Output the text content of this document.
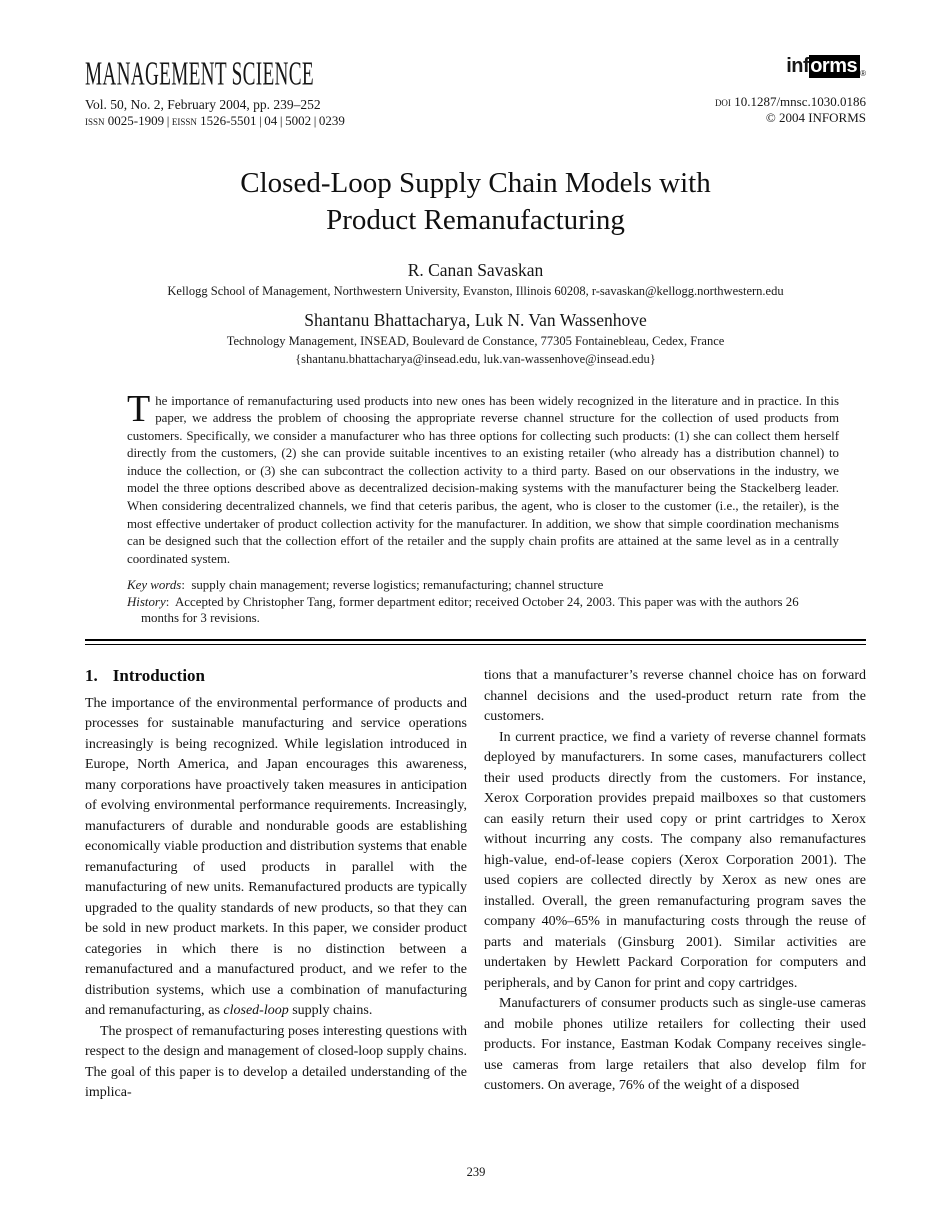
MANAGEMENT SCIENCE
Vol. 50, No. 2, February 2004, pp. 239–252
issn 0025-1909 | eissn 1526-5501 | 04 | 5002 | 0239
informs $_®$
doi 10.1287/mnsc.1030.0186
© 2004 INFORMS
Closed-Loop Supply Chain Models with
Product Remanufacturing
R. Canan Savaskan
Kellogg School of Management, Northwestern University, Evanston, Illinois 60208, r-savaskan@kellogg.northwestern.edu
Shantanu Bhattacharya, Luk N. Van Wassenhove
Technology Management, INSEAD, Boulevard de Constance, 77305 Fontainebleau, Cedex, France
{shantanu.bhattacharya@insead.edu, luk.van-wassenhove@insead.edu}
The importance of remanufacturing used products into new ones has been widely recognized in the literature and in practice. In this paper, we address the problem of choosing the appropriate reverse channel structure for the collection of used products from customers. Specifically, we consider a manufacturer who has three options for collecting such products: (1) she can collect them herself directly from the customers, (2) she can provide suitable incentives to an existing retailer (who already has a distribution channel) to induce the collection, or (3) she can subcontract the collection activity to a third party. Based on our observations in the industry, we model the three options described above as decentralized decision-making systems with the manufacturer being the Stackelberg leader. When considering decentralized channels, we find that ceteris paribus, the agent, who is closer to the customer (i.e., the retailer), is the most effective undertaker of product collection activity for the manufacturer. In addition, we show that simple coordination mechanisms can be designed such that the collection effort of the retailer and the supply chain profits are attained at the same level as in a centrally coordinated system.

Key words:  supply chain management; reverse logistics; remanufacturing; channel structure

History:  Accepted by Christopher Tang, former department editor; received October 24, 2003. This paper was with the authors 26 months for 3 revisions.

1. Introduction

The importance of the environmental performance of products and processes for sustainable manufacturing and service operations increasingly is being recognized. While legislation introduced in Europe, North America, and Japan encourages this awareness, many corporations have proactively taken measures in anticipation of evolving environmental performance requirements. Increasingly, manufacturers of durable and nondurable goods are establishing economically viable production and distribution systems that enable remanufacturing of used products in parallel with the manufacturing of new units. Remanufactured products are typically upgraded to the quality standards of new products, so that they can be sold in new product markets. In this paper, we consider product categories in which there is no distinction between a remanufactured and a manufactured product, and we refer to the distribution systems, which use a combination of manufacturing and remanufacturing, as closed-loop supply chains.

The prospect of remanufacturing poses interesting questions with respect to the design and management of closed-loop supply chains. The goal of this paper is to develop a detailed understanding of the implica-

tions that a manufacturer’s reverse channel choice has on forward channel decisions and the used-product return rate from the customers.

In current practice, we find a variety of reverse channel formats deployed by manufacturers. In some cases, manufacturers collect their used products directly from the customers. For instance, Xerox Corporation provides prepaid mailboxes so that customers can easily return their used copy or print cartridges to Xerox without incurring any costs. The company also remanufactures high-value, end-of-lease copiers (Xerox Corporation 2001). The used copiers are collected directly by Xerox as new ones are installed. Overall, the green remanufacturing program saves the company 40%–65% in manufacturing costs through the reuse of parts and materials (Ginsburg 2001). Similar activities are undertaken by Hewlett Packard Corporation for computers and peripherals, and by Canon for print and copy cartridges.

Manufacturers of consumer products such as single-use cameras and mobile phones utilize retailers for collecting their used products. For instance, Eastman Kodak Company receives single-use cameras from large retailers that also develop film for customers. On average, 76% of the weight of a disposed

239
